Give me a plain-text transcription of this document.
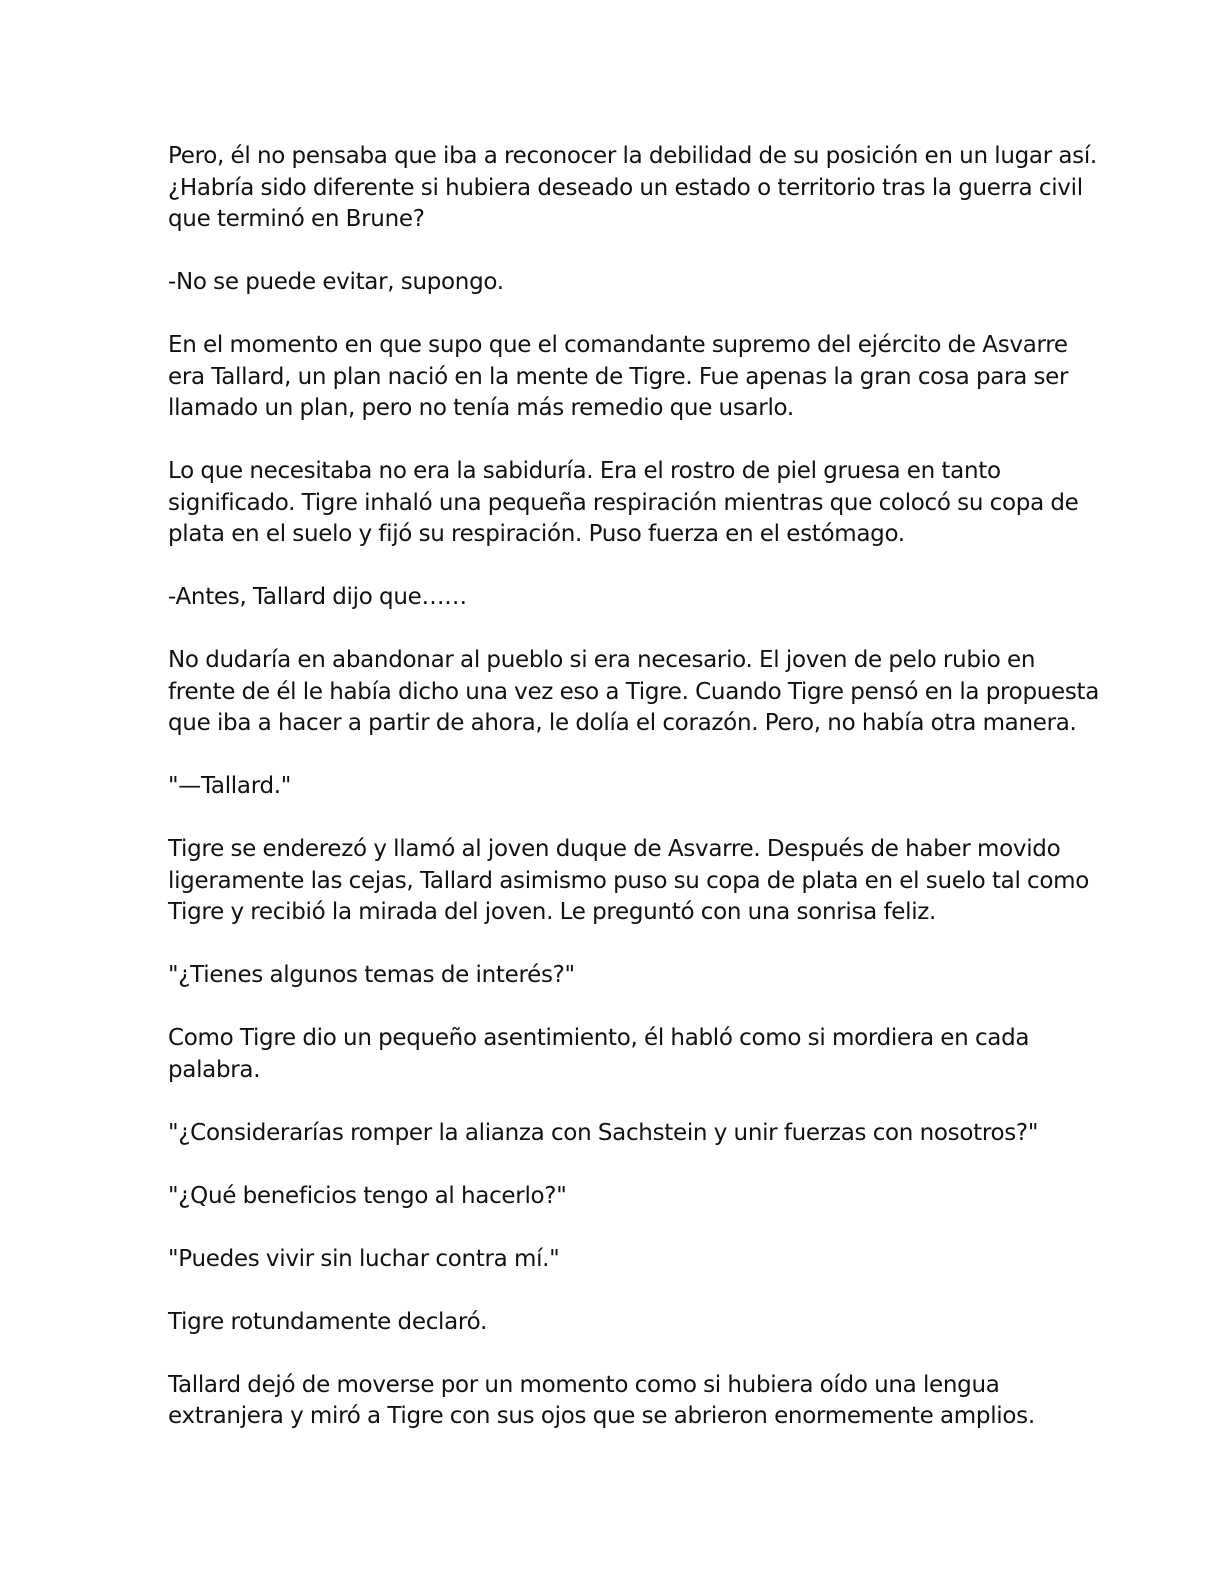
Pero, él no pensaba que iba a reconocer la debilidad de su posición en un lugar así.
¿Habría sido diferente si hubiera deseado un estado o territorio tras la guerra civil
que terminó en Brune?

-No se puede evitar, supongo.

En el momento en que supo que el comandante supremo del ejército de Asvarre
era Tallard, un plan nació en la mente de Tigre. Fue apenas la gran cosa para ser
llamado un plan, pero no tenía más remedio que usarlo.

Lo que necesitaba no era la sabiduría. Era el rostro de piel gruesa en tanto
significado. Tigre inhaló una pequeña respiración mientras que colocó su copa de
plata en el suelo y fijó su respiración. Puso fuerza en el estómago.

-Antes, Tallard dijo que……

No dudaría en abandonar al pueblo si era necesario. El joven de pelo rubio en
frente de él le había dicho una vez eso a Tigre. Cuando Tigre pensó en la propuesta
que iba a hacer a partir de ahora, le dolía el corazón. Pero, no había otra manera.

"—Tallard."

Tigre se enderezó y llamó al joven duque de Asvarre. Después de haber movido
ligeramente las cejas, Tallard asimismo puso su copa de plata en el suelo tal como
Tigre y recibió la mirada del joven. Le preguntó con una sonrisa feliz.

"¿Tienes algunos temas de interés?"

Como Tigre dio un pequeño asentimiento, él habló como si mordiera en cada
palabra.

"¿Considerarías romper la alianza con Sachstein y unir fuerzas con nosotros?"

"¿Qué beneficios tengo al hacerlo?"

"Puedes vivir sin luchar contra mí."

Tigre rotundamente declaró.

Tallard dejó de moverse por un momento como si hubiera oído una lengua
extranjera y miró a Tigre con sus ojos que se abrieron enormemente amplios.
